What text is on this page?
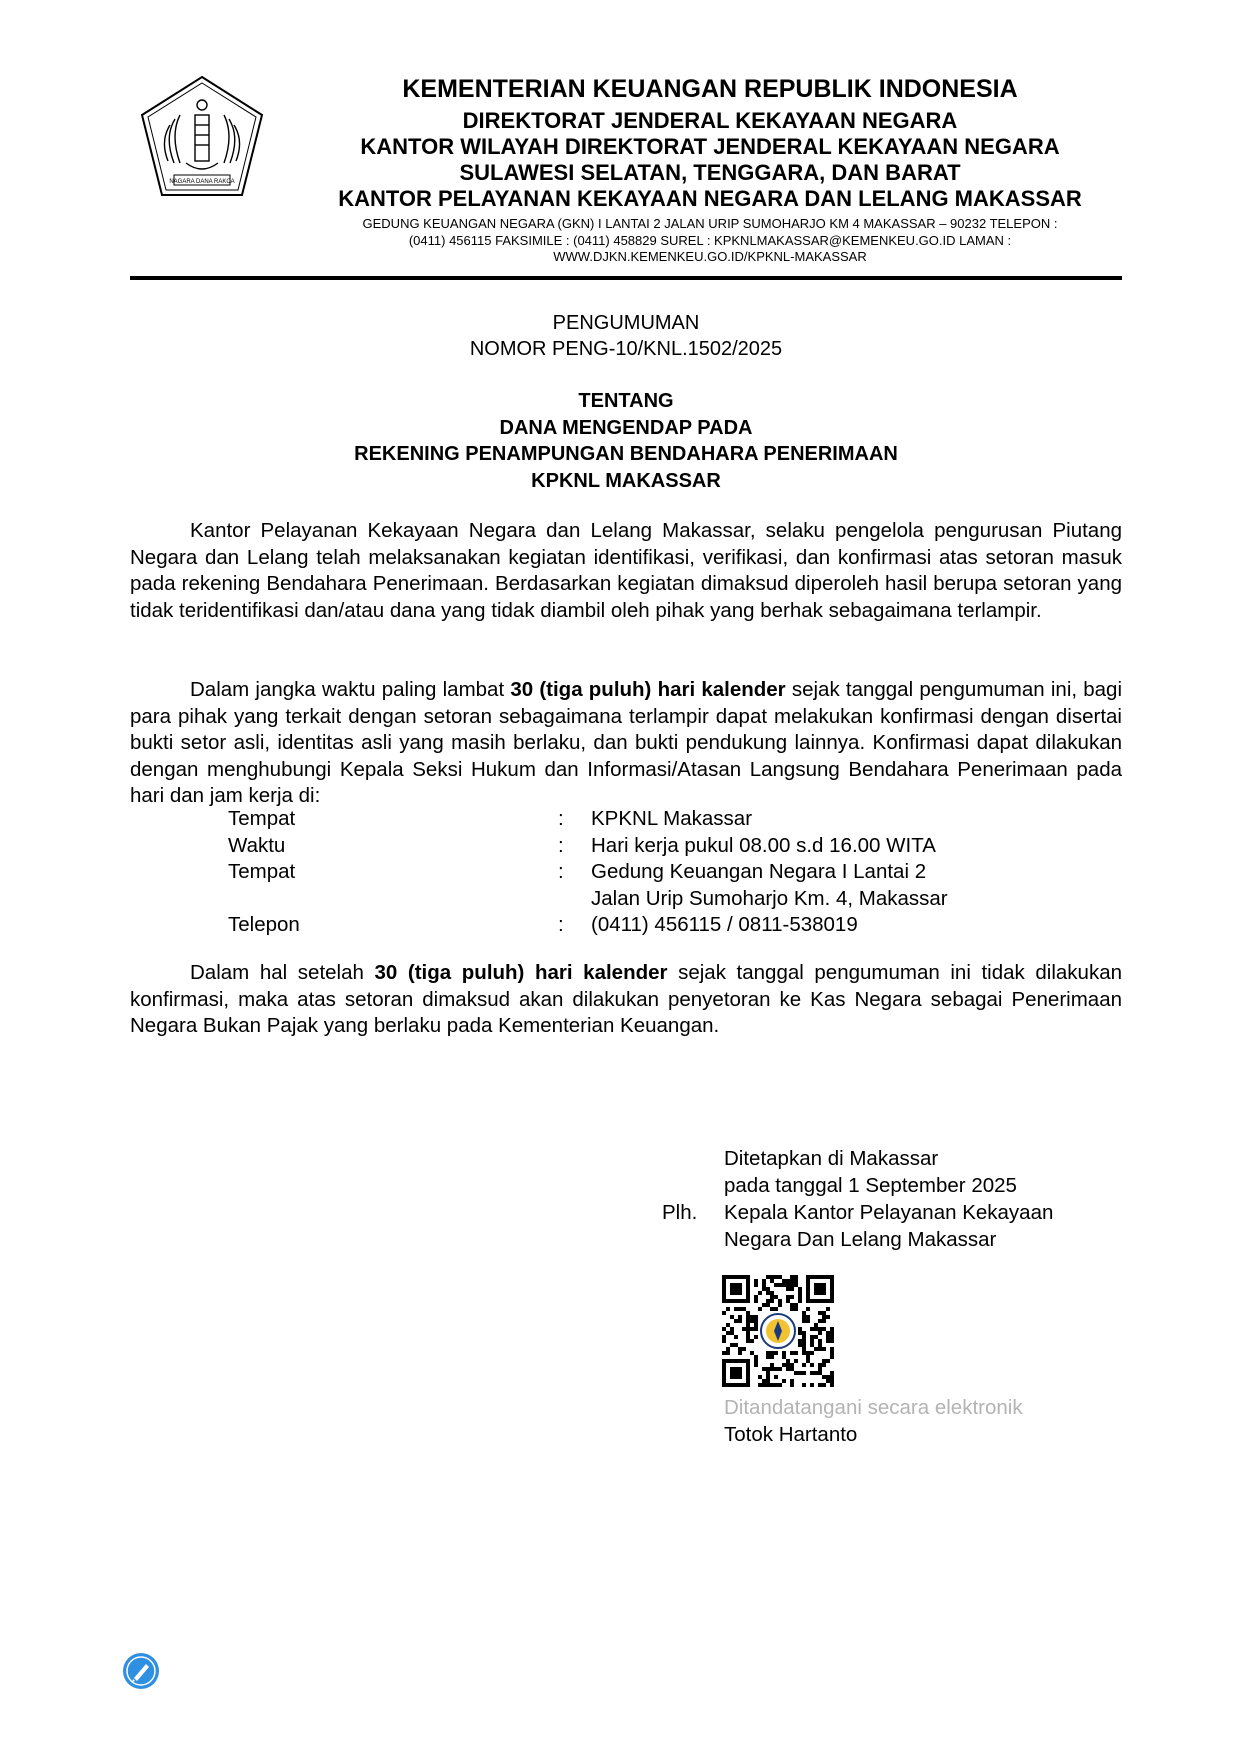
NAGARA DANA RAKCA
KEMENTERIAN KEUANGAN REPUBLIK INDONESIA
DIREKTORAT JENDERAL KEKAYAAN NEGARA
KANTOR WILAYAH DIREKTORAT JENDERAL KEKAYAAN NEGARA
SULAWESI SELATAN, TENGGARA, DAN BARAT
KANTOR PELAYANAN KEKAYAAN NEGARA DAN LELANG MAKASSAR
GEDUNG KEUANGAN NEGARA (GKN) I LANTAI 2 JALAN URIP SUMOHARJO KM 4 MAKASSAR – 90232 TELEPON :
(0411) 456115 FAKSIMILE : (0411) 458829 SUREL : KPKNLMAKASSAR@KEMENKEU.GO.ID LAMAN :
WWW.DJKN.KEMENKEU.GO.ID/KPKNL-MAKASSAR
PENGUMUMAN
NOMOR PENG-10/KNL.1502/2025
TENTANG
DANA MENGENDAP PADA
REKENING PENAMPUNGAN BENDAHARA PENERIMAAN
KPKNL MAKASSAR

Kantor Pelayanan Kekayaan Negara dan Lelang Makassar, selaku pengelola pengurusan Piutang Negara dan Lelang telah melaksanakan kegiatan identifikasi, verifikasi, dan konfirmasi atas setoran masuk pada rekening Bendahara Penerimaan. Berdasarkan kegiatan dimaksud diperoleh hasil berupa setoran yang tidak teridentifikasi dan/atau dana yang tidak diambil oleh pihak yang berhak sebagaimana terlampir.

Dalam jangka waktu paling lambat 30 (tiga puluh) hari kalender sejak tanggal pengumuman ini, bagi para pihak yang terkait dengan setoran sebagaimana terlampir dapat melakukan konfirmasi dengan disertai bukti setor asli, identitas asli yang masih berlaku, dan bukti pendukung lainnya. Konfirmasi dapat dilakukan dengan menghubungi Kepala Seksi Hukum dan Informasi/Atasan Langsung Bendahara Penerimaan pada hari dan jam kerja di:

Tempat	:	KPKNL Makassar
Waktu	:	Hari kerja pukul 08.00 s.d 16.00 WITA
Tempat	:	Gedung Keuangan Negara I Lantai 2
Jalan Urip Sumoharjo Km. 4, Makassar
Telepon	:	(0411) 456115 / 0811-538019

Dalam hal setelah 30 (tiga puluh) hari kalender sejak tanggal pengumuman ini tidak dilakukan konfirmasi, maka atas setoran dimaksud akan dilakukan penyetoran ke Kas Negara sebagai Penerimaan Negara Bukan Pajak yang berlaku pada Kementerian Keuangan.

Ditetapkan di Makassar
pada tanggal 1 September 2025
Plh.	Kepala Kantor Pelayanan Kekayaan
Negara Dan Lelang Makassar
Ditandatangani secara elektronik
Totok Hartanto
